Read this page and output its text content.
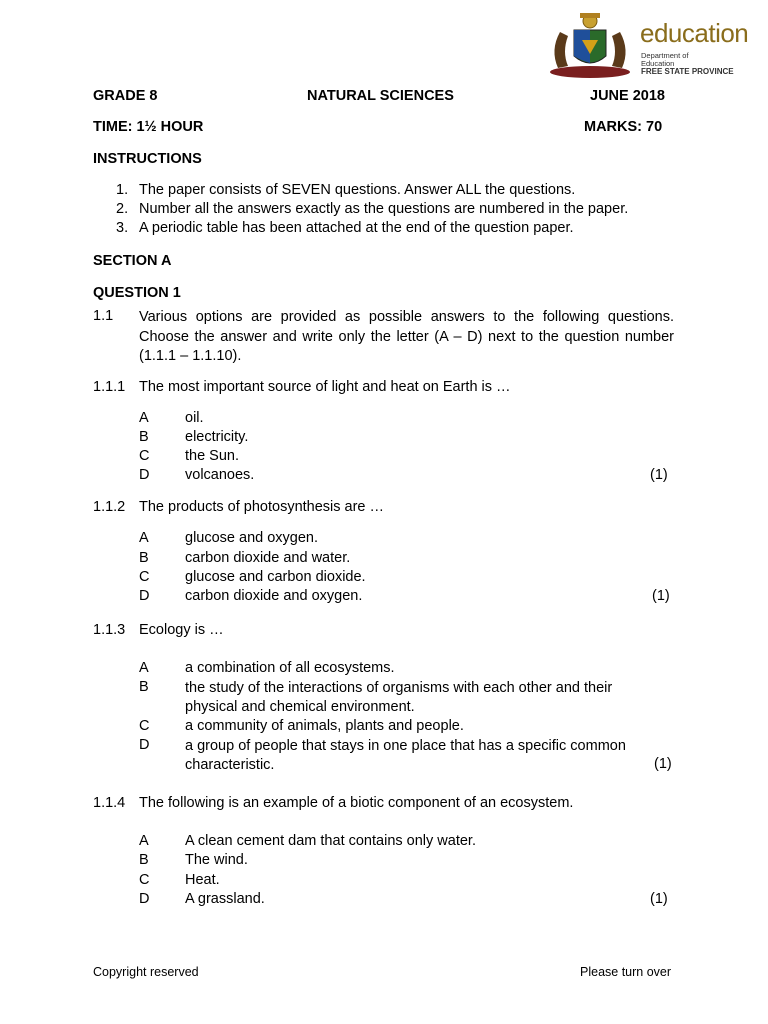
education
Department of
Education
FREE STATE PROVINCE
GRADE 8	NATURAL SCIENCES	JUNE 2018
TIME: 1½ HOUR	MARKS: 70
INSTRUCTIONS
1. The paper consists of SEVEN questions. Answer ALL the questions.
2. Number all the answers exactly as the questions are numbered in the paper.
3. A periodic table has been attached at the end of the question paper.
SECTION A
QUESTION 1
1.1 Various options are provided as possible answers to the following questions. Choose the answer and write only the letter (A – D) next to the question number (1.1.1 – 1.1.10).
1.1.1 The most important source of light and heat on Earth is …
A	oil.
B	electricity.
C the Sun.
D volcanoes.	(1)
1.1.2 The products of photosynthesis are …
A	glucose and oxygen.
B	carbon dioxide and water.
C glucose and carbon dioxide.
D carbon dioxide and oxygen.	(1)
1.1.3 Ecology is …
A	a combination of all ecosystems.
B	the study of the interactions of organisms with each other and their physical and chemical environment.
C a community of animals, plants and people.
D a group of people that stays in one place that has a specific common characteristic.	(1)
1.1.4 The following is an example of a biotic component of an ecosystem.
A	A clean cement dam that contains only water.
B	The wind.
C Heat.
D A grassland.	(1)
Copyright reserved	Please turn over
